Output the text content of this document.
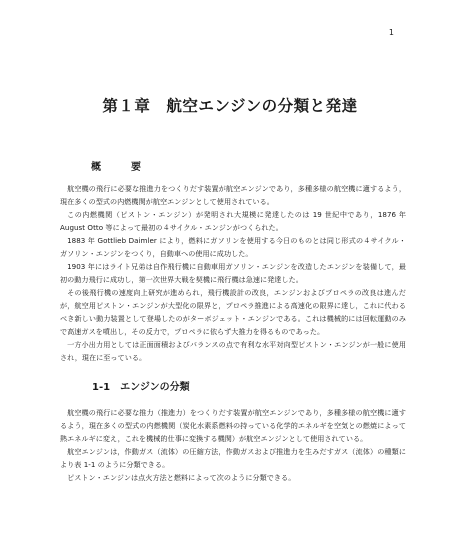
1
第１章　航空エンジンの分類と発達
概　要

航空機の飛行に必要な推進力をつくりだす装置が航空エンジンであり，多種多様の航空機に適するよう，現在多くの型式の内燃機関が航空エンジンとして使用されている。

この内燃機関（ピストン・エンジン）が発明され大規模に発達したのは 19 世紀中であり，1876 年 August Otto 等によって最初の４サイクル・エンジンがつくられた。

1883 年 Gottlieb Daimler により，燃料にガソリンを使用する今日のものとは同じ形式の４サイクル・ガソリン・エンジンをつくり，自動車への使用に成功した。

1903 年にはライト兄弟は自作飛行機に自動車用ガソリン・エンジンを改造したエンジンを装備して，最初の動力飛行に成功し，第一次世界大戦を契機に飛行機は急速に発達した。

その後飛行機の速度向上研究が進められ，飛行機設計の改良，エンジンおよびプロペラの改良は進んだが，航空用ピストン・エンジンが大型化の限界と，プロペラ推進による高速化の限界に達し，これに代わるべき新しい動力装置として登場したのがターボジェット・エンジンである。これは機械的には回転運動のみで高速ガスを噴出し，その反力で，プロペラに依らず大推力を得るものであった。

一方小出力用としては正面面積およびバランスの点で有利な水平対向型ピストン・エンジンが一般に使用され，現在に至っている。

1-1　エンジンの分類

航空機の飛行に必要な推力（推進力）をつくりだす装置が航空エンジンであり，多種多様の航空機に適するよう，現在多くの型式の内燃機関（炭化水素系燃料の持っている化学的エネルギを空気との燃焼によって熱エネルギに変え，これを機械的仕事に変換する機関）が航空エンジンとして使用されている。

航空エンジンは，作動ガス（流体）の圧縮方法，作動ガスおよび推進力を生みだすガス（流体）の種類により表 1-1 のように分類できる。

ピストン・エンジンは点火方法と燃料によって次のように分類できる。
